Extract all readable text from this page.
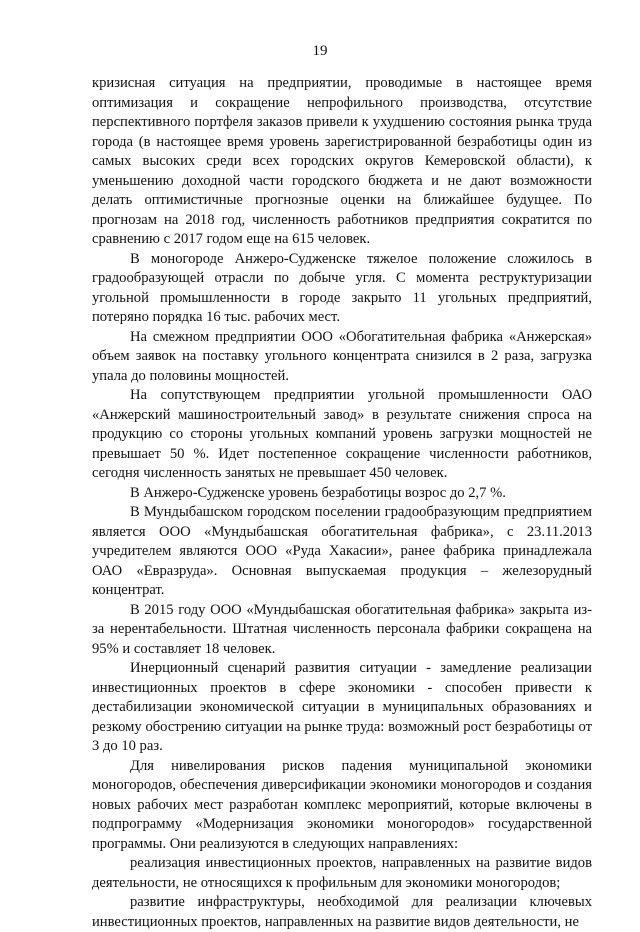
19

кризисная ситуация на предприятии, проводимые в настоящее время оптимизация и сокращение непрофильного производства, отсутствие перспективного портфеля заказов привели к ухудшению состояния рынка труда города (в настоящее время уровень зарегистрированной безработицы один из самых высоких среди всех городских округов Кемеровской области), к уменьшению доходной части городского бюджета и не дают возможности делать оптимистичные прогнозные оценки на ближайшее будущее. По прогнозам на 2018 год, численность работников предприятия сократится по сравнению с 2017 годом еще на 615 человек.

В моногороде Анжеро-Судженске тяжелое положение сложилось в градообразующей отрасли по добыче угля. С момента реструктуризации угольной промышленности в городе закрыто 11 угольных предприятий, потеряно порядка 16 тыс. рабочих мест.

На смежном предприятии ООО «Обогатительная фабрика «Анжерская» объем заявок на поставку угольного концентрата снизился в 2 раза, загрузка упала до половины мощностей.

На сопутствующем предприятии угольной промышленности ОАО «Анжерский машиностроительный завод» в результате снижения спроса на продукцию со стороны угольных компаний уровень загрузки мощностей не превышает 50 %. Идет постепенное сокращение численности работников, сегодня численность занятых не превышает 450 человек.

В Анжеро-Судженске уровень безработицы возрос до 2,7 %.

В Мундыбашском городском поселении градообразующим предприятием является ООО «Мундыбашская обогатительная фабрика», с 23.11.2013 учредителем являются ООО «Руда Хакасии», ранее фабрика принадлежала ОАО «Евразруда». Основная выпускаемая продукция – железорудный концентрат.

В 2015 году ООО «Мундыбашская обогатительная фабрика» закрыта из-за нерентабельности. Штатная численность персонала фабрики сокращена на 95% и составляет 18 человек.

Инерционный сценарий развития ситуации - замедление реализации инвестиционных проектов в сфере экономики - способен привести к дестабилизации экономической ситуации в муниципальных образованиях и резкому обострению ситуации на рынке труда: возможный рост безработицы от 3 до 10 раз.

Для нивелирования рисков падения муниципальной экономики моногородов, обеспечения диверсификации экономики моногородов и создания новых рабочих мест разработан комплекс мероприятий, которые включены в подпрограмму «Модернизация экономики моногородов» государственной программы. Они реализуются в следующих направлениях:

реализация инвестиционных проектов, направленных на развитие видов деятельности, не относящихся к профильным для экономики моногородов;

развитие инфраструктуры, необходимой для реализации ключевых инвестиционных проектов, направленных на развитие видов деятельности, не
